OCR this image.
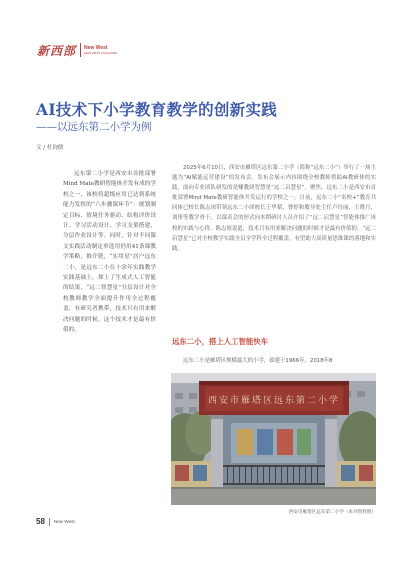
新西部 New West
NEW WEST MAGAZINE
AI技术下小学教育教学的创新实践
——以远东第二小学为例
文 / 杜询儒

远东第二小学是西安市首批部署Mind Mate教研智能体开发有成的学校之一，该校将超级应用已达到系统能力发挥的“六步骤课环节”：规划制定目标、情境任务驱动、结构评价设计、学习活动设计、学习支架搭建、分层作业设计等。同时，针对不同课文实践活动制定单选用仍用41条课教学策略，推介链，“实用星”居户远东二小，是远东二小在十余年实践教学实践基础上，探上了生成式人工智能的结果，“远二智慧星”分层设计对全校教师教学全面提升作用全过程覆盖，有研究者携带，技术只有用来解决问题的时候，这个技术才是最有价值的。

2025年6月10日，西安市雁塔区远东第二小学（简称“远东二小”）举行了一场主题为“AI赋能运营建设”的发布会。发布会展示内容围绕全校教师借助AI教研体的实践，面向专业团队研发的是赚教研智慧星“远二启慧星”。聚焦，远东二小是西安市首批部署Mind Mate教研智能体开发运行的学校之一。日前，远东二小“名校+”教育共同体已校长陈志琼带领远东二小团校长王华韬、曹婷和教导处主任卢玲丽、王晓月、刘彤等教学骨干，以课表会的形式向本期研讨人员介绍了“远二启慧星”智能体推广该校的实践与心得。陈志琼说道，技术只有用来解决问题的时候才是最有价值的。“远二启慧星”已对全校教学实践全员全学科全过程覆盖，有望助力高质量思维课的落地和实践。

远东二小，搭上人工智能快车

远东二小是雁塔区规模最大的小学，始建于1966年，2018年8

西安市雁塔区远东第二小学
西安市雁塔区远东第二小学（本刊资料图）
58 New West
